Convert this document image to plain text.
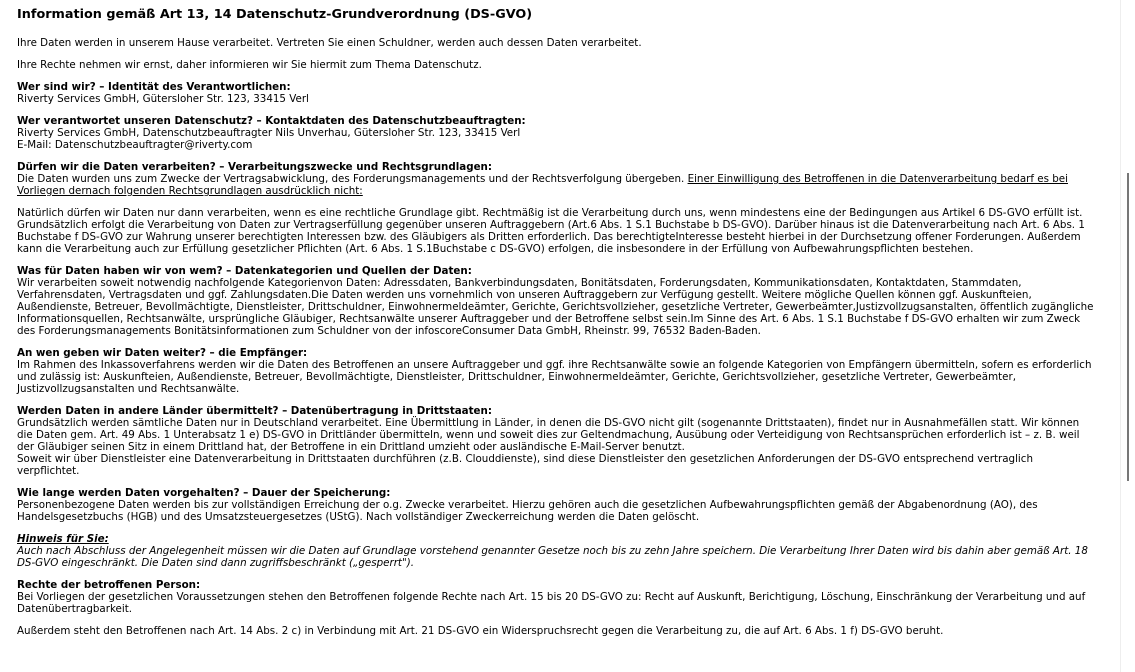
Information gemäß Art 13, 14 Datenschutz-Grundverordnung (DS-GVO)

Ihre Daten werden in unserem Hause verarbeitet. Vertreten Sie einen Schuldner, werden auch dessen Daten verarbeitet.

Ihre Rechte nehmen wir ernst, daher informieren wir Sie hiermit zum Thema Datenschutz.

Wer sind wir? – Identität des Verantwortlichen:

Riverty Services GmbH, Gütersloher Str. 123, 33415 Verl

Wer verantwortet unseren Datenschutz? – Kontaktdaten des Datenschutzbeauftragten:

Riverty Services GmbH, Datenschutzbeauftragter Nils Unverhau, Gütersloher Str. 123, 33415 Verl

E-Mail: Datenschutzbeauftragter@riverty.com

Dürfen wir die Daten verarbeiten? – Verarbeitungszwecke und Rechtsgrundlagen:

Die Daten wurden uns zum Zwecke der Vertragsabwicklung, des Forderungsmanagements und der Rechtsverfolgung übergeben. Einer Einwilligung des Betroffenen in die Datenverarbeitung bedarf es bei Vorliegen dernach folgenden Rechtsgrundlagen ausdrücklich nicht:

Natürlich dürfen wir Daten nur dann verarbeiten, wenn es eine rechtliche Grundlage gibt. Rechtmäßig ist die Verarbeitung durch uns, wenn mindestens eine der Bedingungen aus Artikel 6 DS-GVO erfüllt ist. Grundsätzlich erfolgt die Verarbeitung von Daten zur Vertragserfüllung gegenüber unseren Auftraggebern (Art.6 Abs. 1 S.1 Buchstabe b DS-GVO). Darüber hinaus ist die Datenverarbeitung nach Art. 6 Abs. 1 Buchstabe f DS-GVO zur Wahrung unserer berechtigten Interessen bzw. des Gläubigers als Dritten erforderlich. Das berechtigteInteresse besteht hierbei in der Durchsetzung offener Forderungen. Außerdem kann die Verarbeitung auch zur Erfüllung gesetzlicher Pflichten (Art. 6 Abs. 1 S.1Buchstabe c DS-GVO) erfolgen, die insbesondere in der Erfüllung von Aufbewahrungspflichten bestehen.

Was für Daten haben wir von wem? – Datenkategorien und Quellen der Daten:

Wir verarbeiten soweit notwendig nachfolgende Kategorienvon Daten: Adressdaten, Bankverbindungsdaten, Bonitätsdaten, Forderungsdaten, Kommunikationsdaten, Kontaktdaten, Stammdaten, Verfahrensdaten, Vertragsdaten und ggf. Zahlungsdaten.Die Daten werden uns vornehmlich von unseren Auftraggebern zur Verfügung gestellt. Weitere mögliche Quellen können ggf. Auskunfteien, Außendienste, Betreuer, Bevollmächtigte, Dienstleister, Drittschuldner, Einwohnermeldeämter, Gerichte, Gerichtsvollzieher, gesetzliche Vertreter, Gewerbeämter,Justizvollzugsanstalten, öffentlich zugängliche Informationsquellen, Rechtsanwälte, ursprüngliche Gläubiger, Rechtsanwälte unserer Auftraggeber und der Betroffene selbst sein.Im Sinne des Art. 6 Abs. 1 S.1 Buchstabe f DS-GVO erhalten wir zum Zweck des Forderungsmanagements Bonitätsinformationen zum Schuldner von der infoscoreConsumer Data GmbH, Rheinstr. 99, 76532 Baden-Baden.

An wen geben wir Daten weiter? – die Empfänger:

Im Rahmen des Inkassoverfahrens werden wir die Daten des Betroffenen an unsere Auftraggeber und ggf. ihre Rechtsanwälte sowie an folgende Kategorien von Empfängern übermitteln, sofern es erforderlich und zulässig ist: Auskunfteien, Außendienste, Betreuer, Bevollmächtigte, Dienstleister, Drittschuldner, Einwohnermeldeämter, Gerichte, Gerichtsvollzieher, gesetzliche Vertreter, Gewerbeämter, Justizvollzugsanstalten und Rechtsanwälte.

Werden Daten in andere Länder übermittelt? – Datenübertragung in Drittstaaten:

Grundsätzlich werden sämtliche Daten nur in Deutschland verarbeitet. Eine Übermittlung in Länder, in denen die DS-GVO nicht gilt (sogenannte Drittstaaten), findet nur in Ausnahmefällen statt. Wir können die Daten gem. Art. 49 Abs. 1 Unterabsatz 1 e) DS-GVO in Drittländer übermitteln, wenn und soweit dies zur Geltendmachung, Ausübung oder Verteidigung von Rechtsansprüchen erforderlich ist – z. B. weil der Gläubiger seinen Sitz in einem Drittland hat, der Betroffene in ein Drittland umzieht oder ausländische E-Mail-Server benutzt.

Soweit wir über Dienstleister eine Datenverarbeitung in Drittstaaten durchführen (z.B. Clouddienste), sind diese Dienstleister den gesetzlichen Anforderungen der DS-GVO entsprechend vertraglich verpflichtet.

Wie lange werden Daten vorgehalten? – Dauer der Speicherung:

Personenbezogene Daten werden bis zur vollständigen Erreichung der o.g. Zwecke verarbeitet. Hierzu gehören auch die gesetzlichen Aufbewahrungspflichten gemäß der Abgabenordnung (AO), des Handelsgesetzbuchs (HGB) und des Umsatzsteuergesetzes (UStG). Nach vollständiger Zweckerreichung werden die Daten gelöscht.

Hinweis für Sie:

Auch nach Abschluss der Angelegenheit müssen wir die Daten auf Grundlage vorstehend genannter Gesetze noch bis zu zehn Jahre speichern. Die Verarbeitung Ihrer Daten wird bis dahin aber gemäß Art. 18 DS-GVO eingeschränkt. Die Daten sind dann zugriffsbeschränkt („gesperrt").

Rechte der betroffenen Person:

Bei Vorliegen der gesetzlichen Voraussetzungen stehen den Betroffenen folgende Rechte nach Art. 15 bis 20 DS-GVO zu: Recht auf Auskunft, Berichtigung, Löschung, Einschränkung der Verarbeitung und auf Datenübertragbarkeit.

Außerdem steht den Betroffenen nach Art. 14 Abs. 2 c) in Verbindung mit Art. 21 DS-GVO ein Widerspruchsrecht gegen die Verarbeitung zu, die auf Art. 6 Abs. 1 f) DS-GVO beruht.
